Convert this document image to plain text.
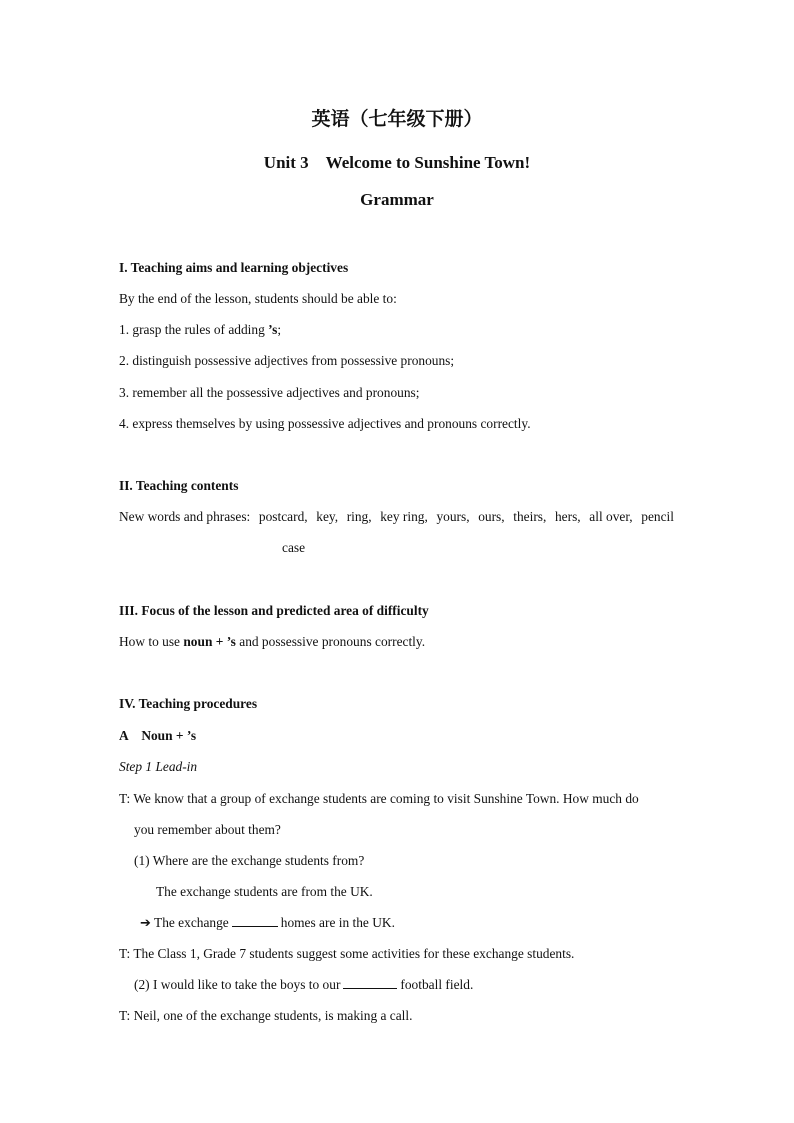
英语（七年级下册）
Unit 3　Welcome to Sunshine Town!
Grammar
I. Teaching aims and learning objectives
By the end of the lesson, students should be able to:
1. grasp the rules of adding ’s;
2. distinguish possessive adjectives from possessive pronouns;
3. remember all the possessive adjectives and pronouns;
4. express themselves by using possessive adjectives and pronouns correctly.
II. Teaching contents
New words and phrases: postcard, key, ring, key ring, yours, ours, theirs, hers, all over, pencil
case
III. Focus of the lesson and predicted area of difficulty
How to use noun + ’s and possessive pronouns correctly.
IV. Teaching procedures
A　Noun + ’s
Step 1 Lead-in
T: We know that a group of exchange students are coming to visit Sunshine Town. How much do
you remember about them?
(1) Where are the exchange students from?
The exchange students are from the UK.
➔ The exchange	homes are in the UK.
T: The Class 1, Grade 7 students suggest some activities for these exchange students.
(2) I would like to take the boys to our	football field.
T: Neil, one of the exchange students, is making a call.
